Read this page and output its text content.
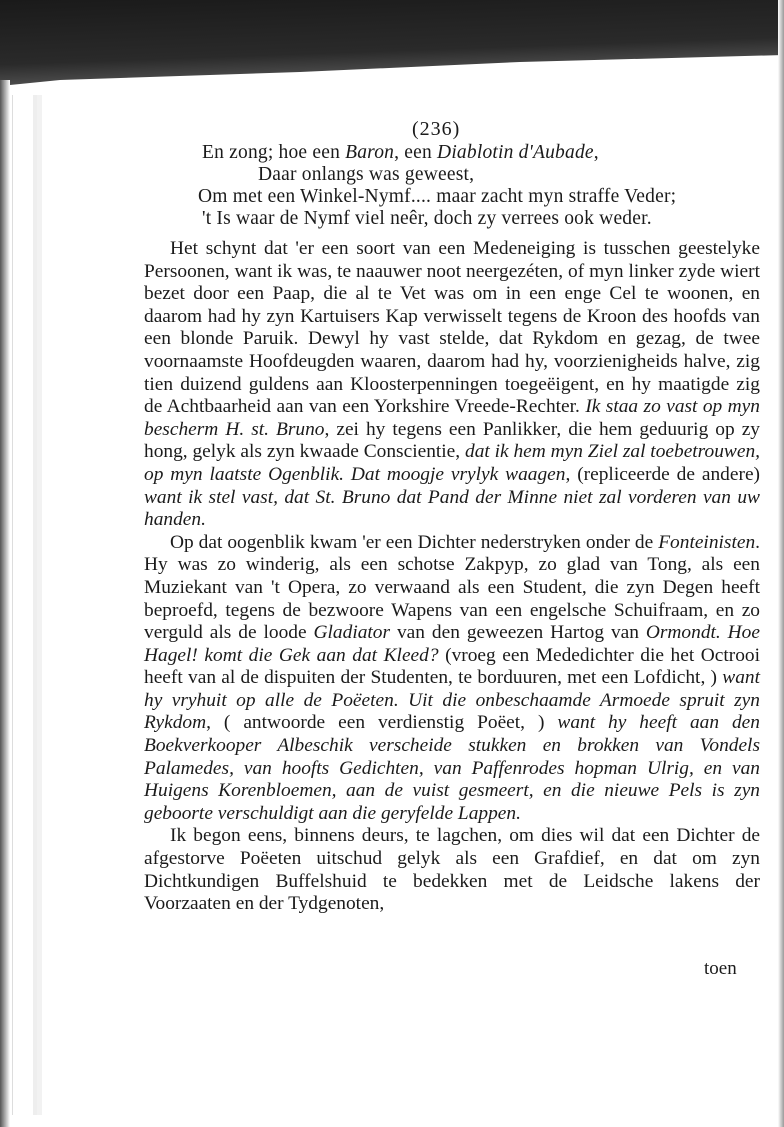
(236)
En zong; hoe een Baron, een Diablotin d'Aubade,
Daar onlangs was geweest,
Om met een Winkel-Nymf.... maar zacht myn straffe Veder;
't Is waar de Nymf viel neêr, doch zy verrees ook weder.

Het schynt dat 'er een soort van een Medeneiging is tusschen geestelyke Persoonen, want ik was, te naauwer noot neergezéten, of myn linker zyde wiert bezet door een Paap, die al te Vet was om in een enge Cel te woonen, en daarom had hy zyn Kartuisers Kap verwisselt tegens de Kroon des hoofds van een blonde Paruik. Dewyl hy vast stelde, dat Rykdom en gezag, de twee voornaamste Hoofdeugden waaren, daarom had hy, voorzienigheids halve, zig tien duizend guldens aan Kloosterpenningen toegeëigent, en hy maatigde zig de Achtbaarheid aan van een Yorkshire Vreede-Rechter. Ik staa zo vast op myn bescherm H. st. Bruno, zei hy tegens een Panlikker, die hem geduurig op zy hong, gelyk als zyn kwaade Conscientie, dat ik hem myn Ziel zal toebetrouwen, op myn laatste Ogenblik. Dat moogje vrylyk waagen, (repliceerde de andere) want ik stel vast, dat St. Bruno dat Pand der Minne niet zal vorderen van uw handen.

Op dat oogenblik kwam 'er een Dichter nederstryken onder de Fonteinisten. Hy was zo winderig, als een schotse Zakpyp, zo glad van Tong, als een Muziekant van 't Opera, zo verwaand als een Student, die zyn Degen heeft beproefd, tegens de bezwoore Wapens van een engelsche Schuifraam, en zo verguld als de loode Gladiator van den geweezen Hartog van Ormondt. Hoe Hagel! komt die Gek aan dat Kleed? (vroeg een Mededichter die het Octrooi heeft van al de dispuiten der Studenten, te borduuren, met een Lofdicht, ) want hy vryhuit op alle de Poëeten. Uit die onbeschaamde Armoede spruit zyn Rykdom, ( antwoorde een verdienstig Poëet, ) want hy heeft aan den Boekverkooper Albeschik verscheide stukken en brokken van Vondels Palamedes, van hoofts Gedichten, van Paffenrodes hopman Ulrig, en van Huigens Korenbloemen, aan de vuist gesmeert, en die nieuwe Pels is zyn geboorte verschuldigt aan die geryfelde Lappen.

Ik begon eens, binnens deurs, te lagchen, om dies wil dat een Dichter de afgestorve Poëeten uitschud gelyk als een Grafdief, en dat om zyn Dichtkundigen Buffelshuid te bedekken met de Leidsche lakens der Voorzaaten en der Tydgenoten,

toen
